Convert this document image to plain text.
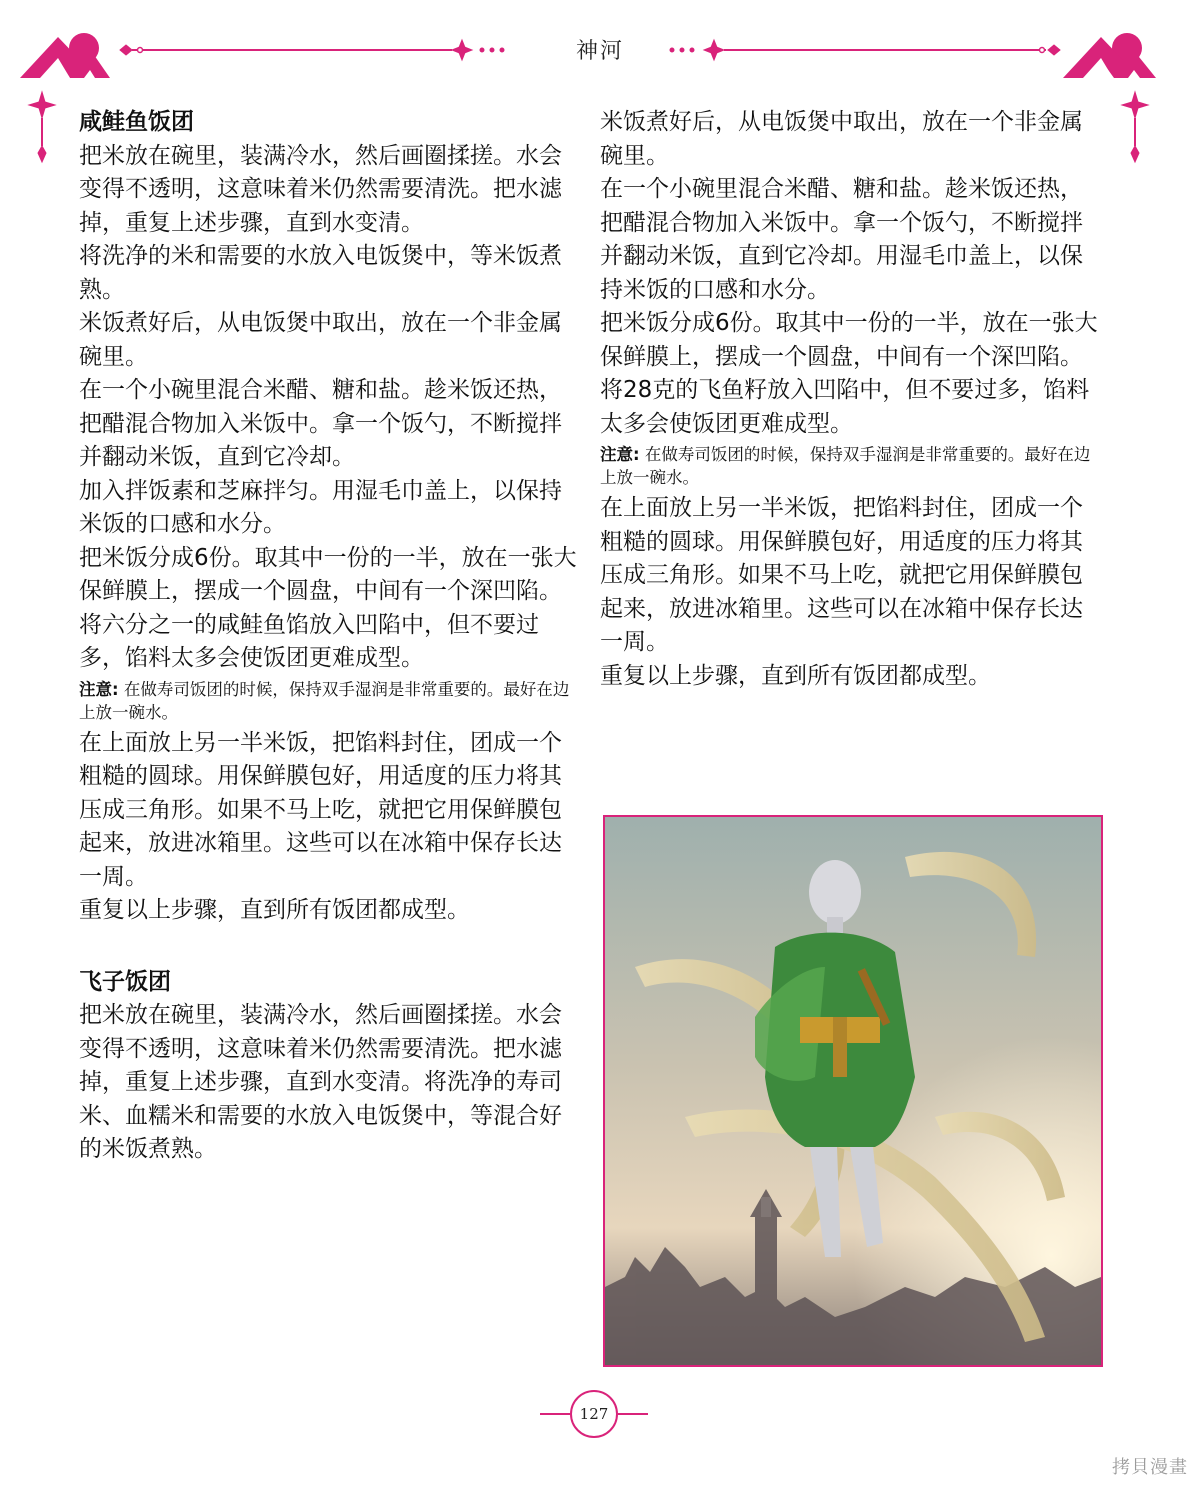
神河

咸鲑鱼饭团

把米放在碗里，装满冷水，然后画圈揉搓。水会变得不透明，这意味着米仍然需要清洗。把水滤掉，重复上述步骤，直到水变清。

将洗净的米和需要的水放入电饭煲中，等米饭煮熟。

米饭煮好后，从电饭煲中取出，放在一个非金属碗里。

在一个小碗里混合米醋、糖和盐。趁米饭还热，把醋混合物加入米饭中。拿一个饭勺，不断搅拌并翻动米饭，直到它冷却。

加入拌饭素和芝麻拌匀。用湿毛巾盖上，以保持米饭的口感和水分。

把米饭分成6份。取其中一份的一半，放在一张大保鲜膜上，摆成一个圆盘，中间有一个深凹陷。将六分之一的咸鲑鱼馅放入凹陷中，但不要过多，馅料太多会使饭团更难成型。

注意: 在做寿司饭团的时候，保持双手湿润是非常重要的。最好在边上放一碗水。

在上面放上另一半米饭，把馅料封住，团成一个粗糙的圆球。用保鲜膜包好，用适度的压力将其压成三角形。如果不马上吃，就把它用保鲜膜包起来，放进冰箱里。这些可以在冰箱中保存长达一周。

重复以上步骤，直到所有饭团都成型。

飞子饭团

把米放在碗里，装满冷水，然后画圈揉搓。水会变得不透明，这意味着米仍然需要清洗。把水滤掉，重复上述步骤，直到水变清。将洗净的寿司米、血糯米和需要的水放入电饭煲中，等混合好的米饭煮熟。

米饭煮好后，从电饭煲中取出，放在一个非金属碗里。

在一个小碗里混合米醋、糖和盐。趁米饭还热，把醋混合物加入米饭中。拿一个饭勺，不断搅拌并翻动米饭，直到它冷却。用湿毛巾盖上，以保持米饭的口感和水分。

把米饭分成6份。取其中一份的一半，放在一张大保鲜膜上，摆成一个圆盘，中间有一个深凹陷。将28克的飞鱼籽放入凹陷中，但不要过多，馅料太多会使饭团更难成型。

注意: 在做寿司饭团的时候，保持双手湿润是非常重要的。最好在边上放一碗水。

在上面放上另一半米饭，把馅料封住，团成一个粗糙的圆球。用保鲜膜包好，用适度的压力将其压成三角形。如果不马上吃，就把它用保鲜膜包起来，放进冰箱里。这些可以在冰箱中保存长达一周。

重复以上步骤，直到所有饭团都成型。

127
拷貝漫畫
